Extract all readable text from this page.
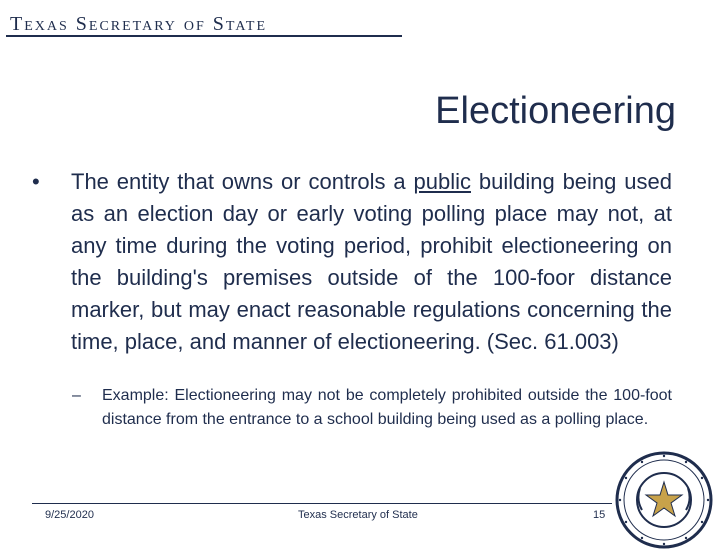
Texas Secretary of State
Electioneering
• The entity that owns or controls a public building being used as an election day or early voting polling place may not, at any time during the voting period, prohibit electioneering on the building's premises outside of the 100-foor distance marker, but may enact reasonable regulations concerning the time, place, and manner of electioneering. (Sec. 61.003)
– Example: Electioneering may not be completely prohibited outside the 100-foot distance from the entrance to a school building being used as a polling place.
9/25/2020	Texas Secretary of State	15
